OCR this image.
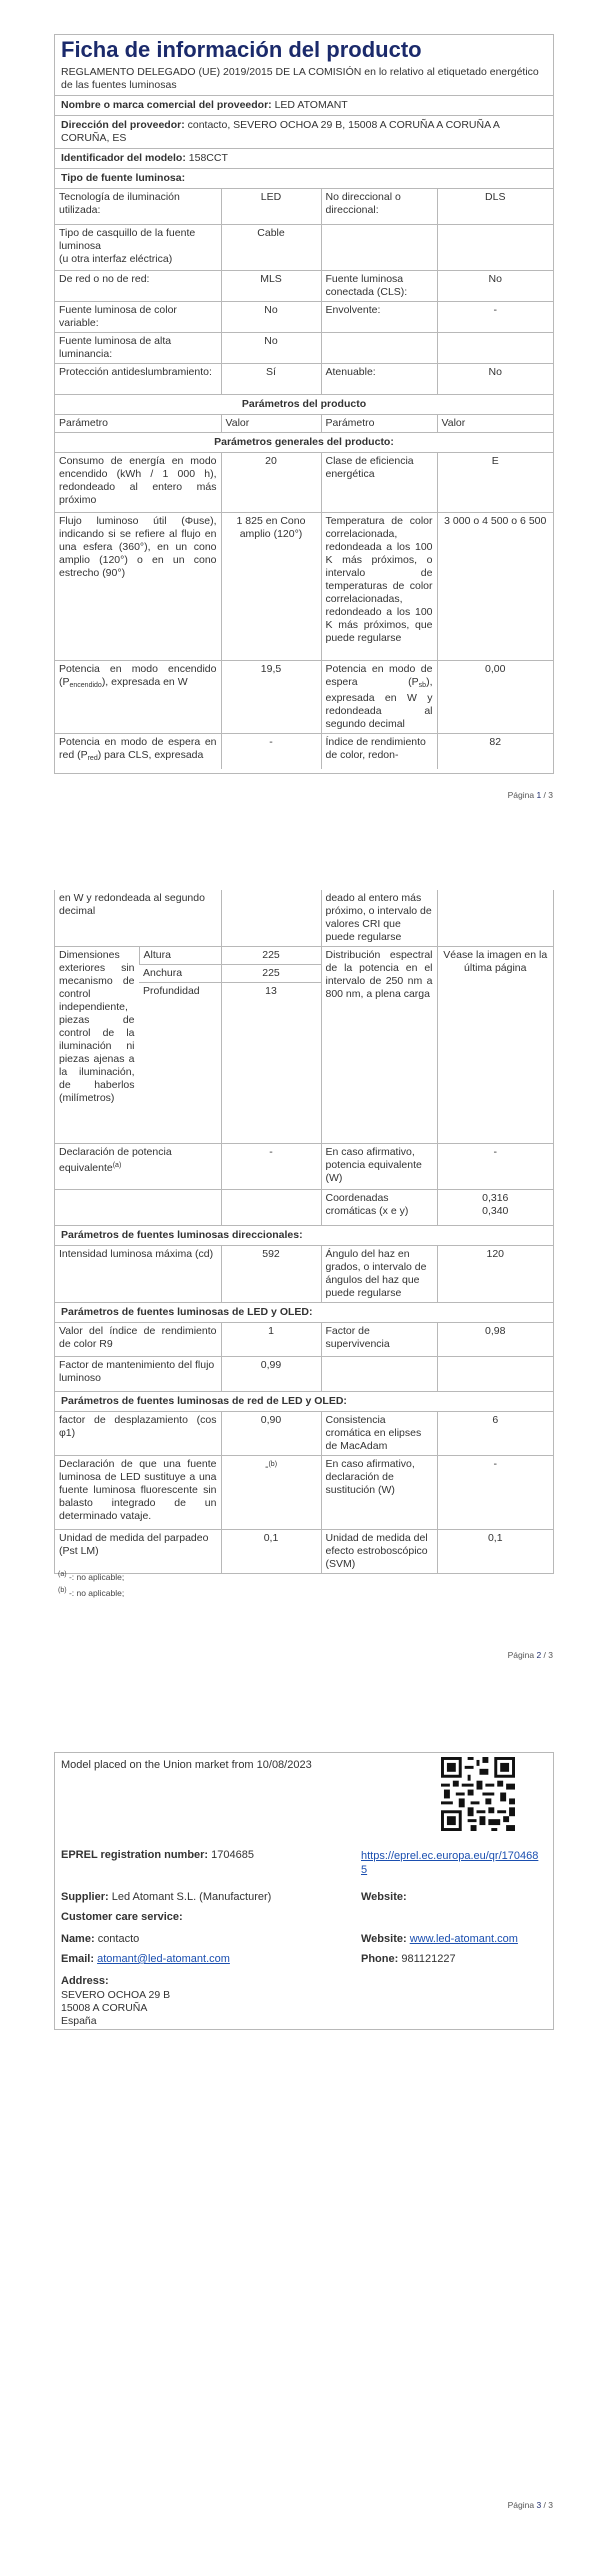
Ficha de información del producto
REGLAMENTO DELEGADO (UE) 2019/2015 DE LA COMISIÓN en lo relativo al etiquetado energético de las fuentes luminosas
Nombre o marca comercial del proveedor: LED ATOMANT
Dirección del proveedor: contacto, SEVERO OCHOA 29 B, 15008 A CORUÑA A CORUÑA A CORUÑA, ES
Identificador del modelo: 158CCT
Tipo de fuente luminosa:
Tecnología de iluminación utilizada:	LED	No direccional o direccional:	DLS
Tipo de casquillo de la fuente luminosa
(u otra interfaz eléctrica)	Cable		
De red o no de red:	MLS	Fuente luminosa conectada (CLS):	No
Fuente luminosa de color variable:	No	Envolvente:	-
Fuente luminosa de alta luminancia:	No		
Protección antideslumbramiento:	Sí	Atenuable:	No
Parámetros del producto
Parámetro	Valor	Parámetro	Valor
Parámetros generales del producto:
Consumo de energía en modo encendido (kWh / 1 000 h), redondeado al entero más próximo	20	Clase de eficiencia energética	E
Flujo luminoso útil (Φuse), indicando si se refiere al flujo en una esfera (360°), en un cono amplio (120°) o en un cono estrecho (90°)	1 825 en Cono amplio (120°)	Temperatura de color correlacionada, redondeada a los 100 K más próximos, o intervalo de temperaturas de color correlacionadas, redondeado a los 100 K más próximos, que puede regularse	3 000 o 4 500 o 6 500
Potencia en modo encendido $(P_{encendido})$, expresada en W	19,5	Potencia en modo de espera $(P_{sb})$, expresada en W y redondeada al segundo decimal	0,00
Potencia en modo de espera en red $(P_{red})$ para CLS, expresada	-	Índice de rendimiento de color, redon-	82
Página 1 / 3
en W y redondeada al segundo decimal		deado al entero más próximo, o intervalo de valores CRI que puede regularse	
Dimensiones exteriores sin mecanismo de control independiente, piezas de control de la iluminación ni piezas ajenas a la iluminación, de haberlos (milímetros)	Altura	225	Distribución espectral de la potencia en el intervalo de 250 nm a 800 nm, a plena carga	Véase la imagen en la última página
	Anchura	225		
	Profundidad	13		
Declaración de potencia equivalente$^{(a)}$	-	En caso afirmativo, potencia equivalente (W)	-
		Coordenadas cromáticas (x e y)	0,316
0,340
Parámetros de fuentes luminosas direccionales:
Intensidad luminosa máxima (cd)	592	Ángulo del haz en grados, o intervalo de ángulos del haz que puede regularse	120
Parámetros de fuentes luminosas de LED y OLED:
Valor del índice de rendimiento de color R9	1	Factor de supervivencia	0,98
Factor de mantenimiento del flujo luminoso	0,99		
Parámetros de fuentes luminosas de red de LED y OLED:
factor de desplazamiento (cos φ1)	0,90	Consistencia cromática en elipses de MacAdam	6
Declaración de que una fuente luminosa de LED sustituye a una fuente luminosa fluorescente sin balasto integrado de un determinado vataje.	-$^{(b)}$	En caso afirmativo, declaración de sustitución (W)	-
Unidad de medida del parpadeo (Pst LM)	0,1	Unidad de medida del efecto estroboscópico (SVM)	0,1
$^{(a)}$ -: no aplicable;
$^{(b)}$ -: no aplicable;
Página 2 / 3
Model placed on the Union market from 10/08/2023
EPREL registration number: 1704685	https://eprel.ec.europa.eu/qr/1704685
Supplier: Led Atomant S.L. (Manufacturer)	Website:
Customer care service:
Name: contacto	Website: www.led-atomant.com
Email: atomant@led-atomant.com	Phone: 981121227
Address:
SEVERO OCHOA 29 B
15008 A CORUÑA
España
Página 3 / 3
